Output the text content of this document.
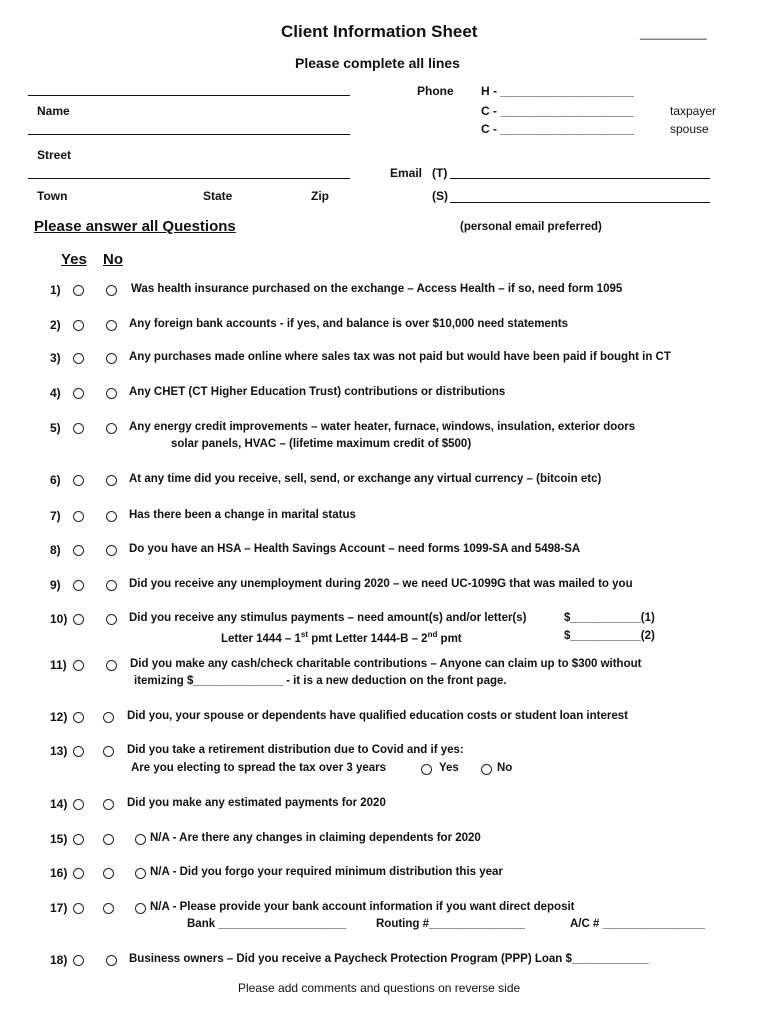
Client Information Sheet	__________
Please complete all lines
Name
Street
Town	State	Zip
Phone H - ____________________
C - ____________________
C - ____________________
taxpayer
spouse
Email (T)
(S)
(personal email preferred)
Please answer all Questions
Yes No
1)	Was health insurance purchased on the exchange – Access Health – if so, need form 1095
2)	Any foreign bank accounts - if yes, and balance is over $10,000 need statements
3)	Any purchases made online where sales tax was not paid but would have been paid if bought in CT
4)	Any CHET (CT Higher Education Trust) contributions or distributions
5)	Any energy credit improvements – water heater, furnace, windows, insulation, exterior doors
solar panels, HVAC – (lifetime maximum credit of $500)
6)	At any time did you receive, sell, send, or exchange any virtual currency – (bitcoin etc)
7)	Has there been a change in marital status
8)	Do you have an HSA – Health Savings Account – need forms 1099-SA and 5498-SA
9)	Did you receive any unemployment during 2020 – we need UC-1099G that was mailed to you
10)	Did you receive any stimulus payments – need amount(s) and/or letter(s)	$___________(1)
Letter 1444 – 1st pmt Letter 1444-B – 2nd pmt	$___________(2)
11)	Did you make any cash/check charitable contributions – Anyone can claim up to $300 without
itemizing $______________ - it is a new deduction on the front page.
12)	Did you, your spouse or dependents have qualified education costs or student loan interest
13)	Did you take a retirement distribution due to Covid and if yes:
Are you electing to spread the tax over 3 years	Yes	No
14)	Did you make any estimated payments for 2020
15)	N/A - Are there any changes in claiming dependents for 2020
16)	N/A - Did you forgo your required minimum distribution this year
17)	N/A - Please provide your bank account information if you want direct deposit
Bank ____________________	Routing #_______________	A/C # ________________
18)	Business owners – Did you receive a Paycheck Protection Program (PPP) Loan $____________
Please add comments and questions on reverse side
